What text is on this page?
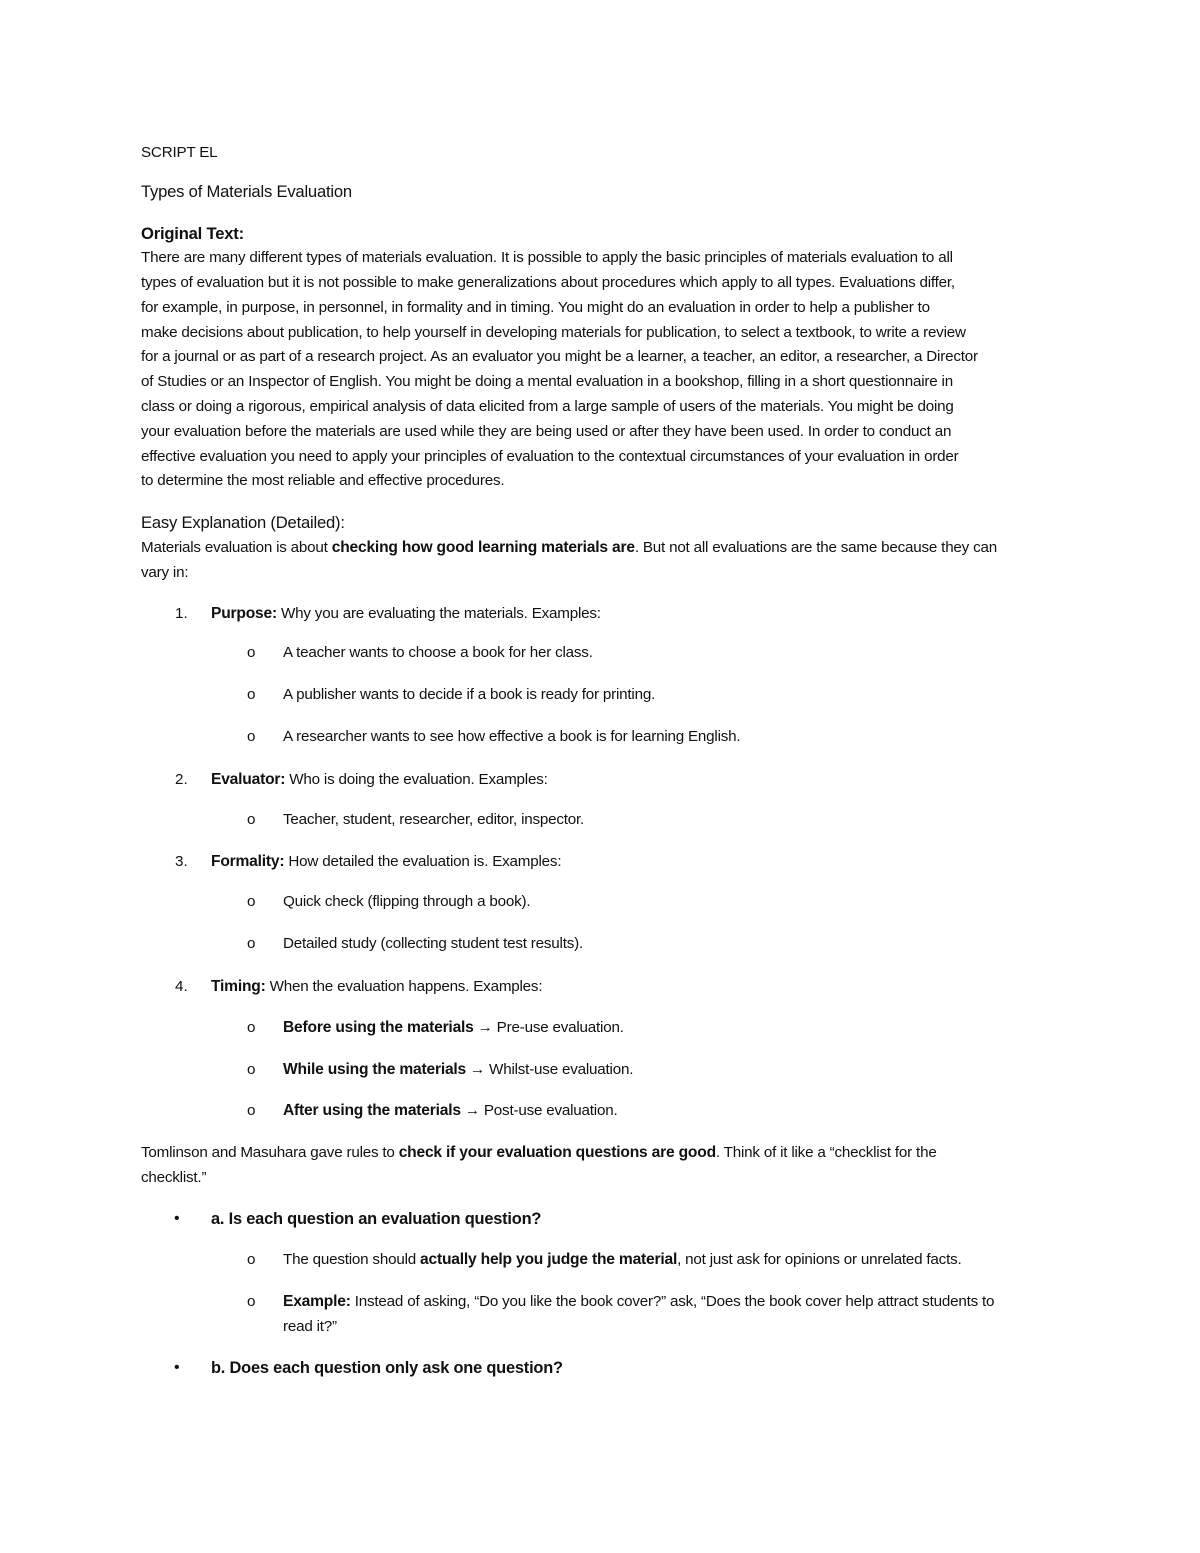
SCRIPT EL
Types of Materials Evaluation
Original Text:
There are many different types of materials evaluation. It is possible to apply the basic principles of materials evaluation to all
types of evaluation but it is not possible to make generalizations about procedures which apply to all types. Evaluations differ,
for example, in purpose, in personnel, in formality and in timing. You might do an evaluation in order to help a publisher to
make decisions about publication, to help yourself in developing materials for publication, to select a textbook, to write a review
for a journal or as part of a research project. As an evaluator you might be a learner, a teacher, an editor, a researcher, a Director
of Studies or an Inspector of English. You might be doing a mental evaluation in a bookshop, filling in a short questionnaire in
class or doing a rigorous, empirical analysis of data elicited from a large sample of users of the materials. You might be doing
your evaluation before the materials are used while they are being used or after they have been used. In order to conduct an
effective evaluation you need to apply your principles of evaluation to the contextual circumstances of your evaluation in order
to determine the most reliable and effective procedures.
Easy Explanation (Detailed):
Materials evaluation is about checking how good learning materials are. But not all evaluations are the same because they can
vary in:
1. Purpose: Why you are evaluating the materials. Examples:
o A teacher wants to choose a book for her class.
o A publisher wants to decide if a book is ready for printing.
o A researcher wants to see how effective a book is for learning English.
2. Evaluator: Who is doing the evaluation. Examples:
o Teacher, student, researcher, editor, inspector.
3. Formality: How detailed the evaluation is. Examples:
o Quick check (flipping through a book).
o Detailed study (collecting student test results).
4. Timing: When the evaluation happens. Examples:
o Before using the materials → Pre-use evaluation.
o While using the materials → Whilst-use evaluation.
o After using the materials → Post-use evaluation.
Tomlinson and Masuhara gave rules to check if your evaluation questions are good. Think of it like a “checklist for the
checklist.”
• a. Is each question an evaluation question?
o The question should actually help you judge the material, not just ask for opinions or unrelated facts.
o Example: Instead of asking, “Do you like the book cover?” ask, “Does the book cover help attract students to
read it?”
• b. Does each question only ask one question?
